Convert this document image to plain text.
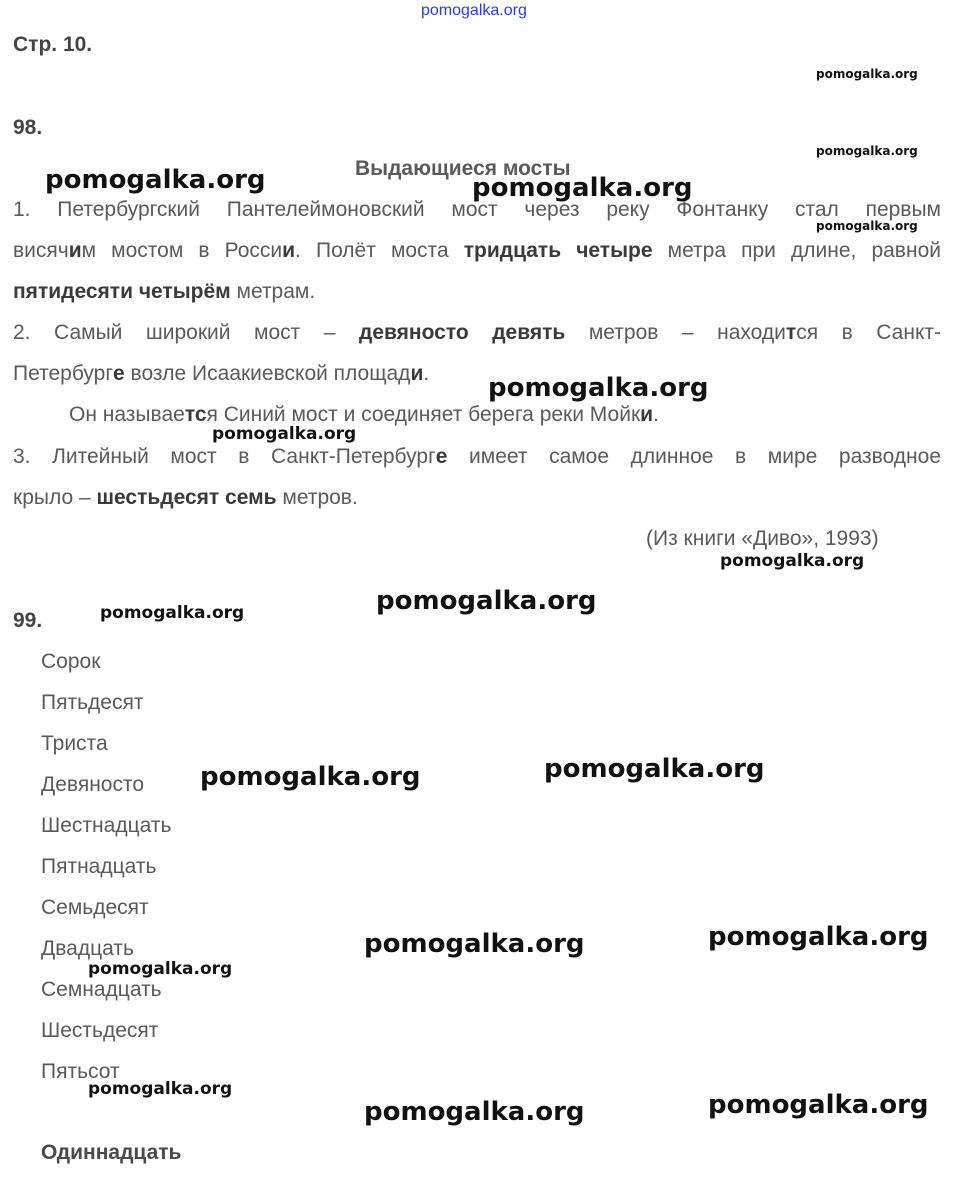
pomogalka.org
Стр. 10.
98.
Выдающиеся мосты
1. Петербургский Пантелеймоновский мост через реку Фонтанку стал первым
висячим мостом в России. Полёт моста тридцать четыре метра при длине, равной
пятидесяти четырём метрам.
2. Самый широкий мост – девяносто девять метров – находится в Санкт-
Петербурге возле Исаакиевской площади.
Он называется Синий мост и соединяет берега реки Мойки.
3. Литейный мост в Санкт-Петербурге имеет самое длинное в мире разводное
крыло – шестьдесят семь метров.
(Из книги «Диво», 1993)
99.
Сорок
Пятьдесят
Триста
Девяносто
Шестнадцать
Пятнадцать
Семьдесят
Двадцать
Семнадцать
Шестьдесят
Пятьсот
Одиннадцать
pomogalka.org
pomogalka.org
pomogalka.org
pomogalka.org	pomogalka.org
pomogalka.org
pomogalka.org
pomogalka.org
pomogalka.org	pomogalka.org
pomogalka.org	pomogalka.org
pomogalka.org	pomogalka.org
pomogalka.org
pomogalka.org
pomogalka.org	pomogalka.org
